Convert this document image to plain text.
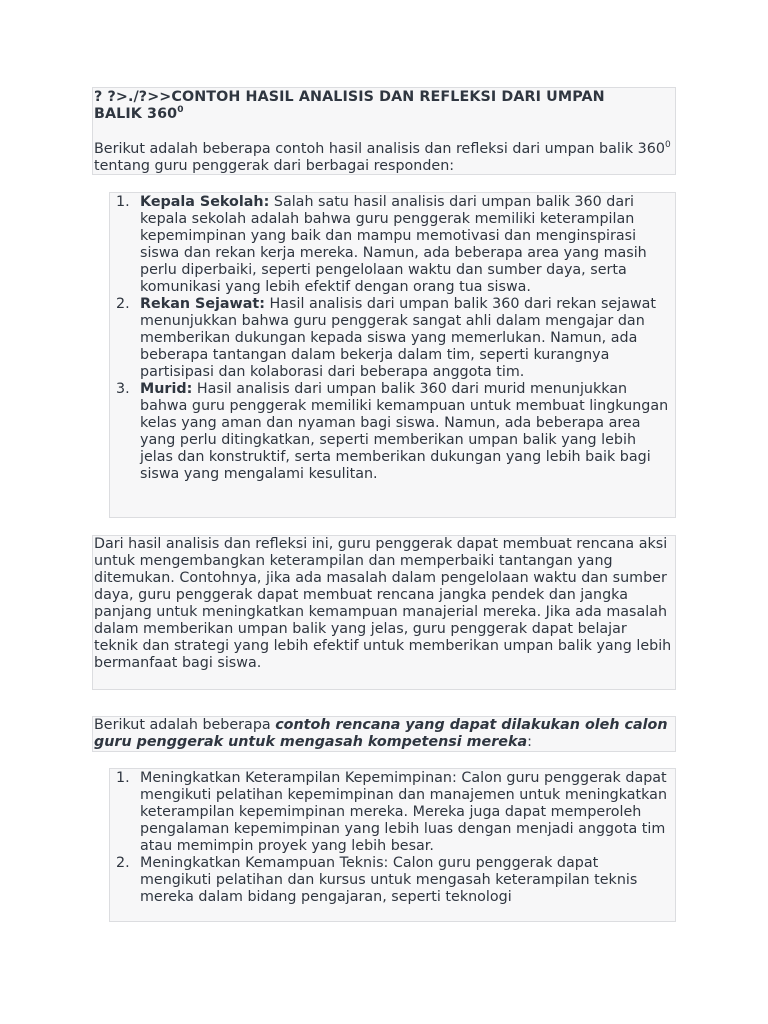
? ?>./?>>CONTOH HASIL ANALISIS DAN REFLEKSI DARI UMPAN
BALIK $360^0$

Berikut adalah beberapa contoh hasil analisis dan refleksi dari umpan balik $360^0$ tentang guru penggerak dari berbagai responden:

1. Kepala Sekolah: Salah satu hasil analisis dari umpan balik 360 dari kepala sekolah adalah bahwa guru penggerak memiliki keterampilan kepemimpinan yang baik dan mampu memotivasi dan menginspirasi siswa dan rekan kerja mereka. Namun, ada beberapa area yang masih perlu diperbaiki, seperti pengelolaan waktu dan sumber daya, serta komunikasi yang lebih efektif dengan orang tua siswa.
2. Rekan Sejawat: Hasil analisis dari umpan balik 360 dari rekan sejawat menunjukkan bahwa guru penggerak sangat ahli dalam mengajar dan memberikan dukungan kepada siswa yang memerlukan. Namun, ada beberapa tantangan dalam bekerja dalam tim, seperti kurangnya partisipasi dan kolaborasi dari beberapa anggota tim.
3. Murid: Hasil analisis dari umpan balik 360 dari murid menunjukkan bahwa guru penggerak memiliki kemampuan untuk membuat lingkungan kelas yang aman dan nyaman bagi siswa. Namun, ada beberapa area yang perlu ditingkatkan, seperti memberikan umpan balik yang lebih jelas dan konstruktif, serta memberikan dukungan yang lebih baik bagi siswa yang mengalami kesulitan.

Dari hasil analisis dan refleksi ini, guru penggerak dapat membuat rencana aksi untuk mengembangkan keterampilan dan memperbaiki tantangan yang ditemukan. Contohnya, jika ada masalah dalam pengelolaan waktu dan sumber daya, guru penggerak dapat membuat rencana jangka pendek dan jangka panjang untuk meningkatkan kemampuan manajerial mereka. Jika ada masalah dalam memberikan umpan balik yang jelas, guru penggerak dapat belajar teknik dan strategi yang lebih efektif untuk memberikan umpan balik yang lebih bermanfaat bagi siswa.

Berikut adalah beberapa contoh rencana yang dapat dilakukan oleh calon guru penggerak untuk mengasah kompetensi mereka:

1. Meningkatkan Keterampilan Kepemimpinan: Calon guru penggerak dapat mengikuti pelatihan kepemimpinan dan manajemen untuk meningkatkan keterampilan kepemimpinan mereka. Mereka juga dapat memperoleh pengalaman kepemimpinan yang lebih luas dengan menjadi anggota tim atau memimpin proyek yang lebih besar.
2. Meningkatkan Kemampuan Teknis: Calon guru penggerak dapat mengikuti pelatihan dan kursus untuk mengasah keterampilan teknis mereka dalam bidang pengajaran, seperti teknologi
